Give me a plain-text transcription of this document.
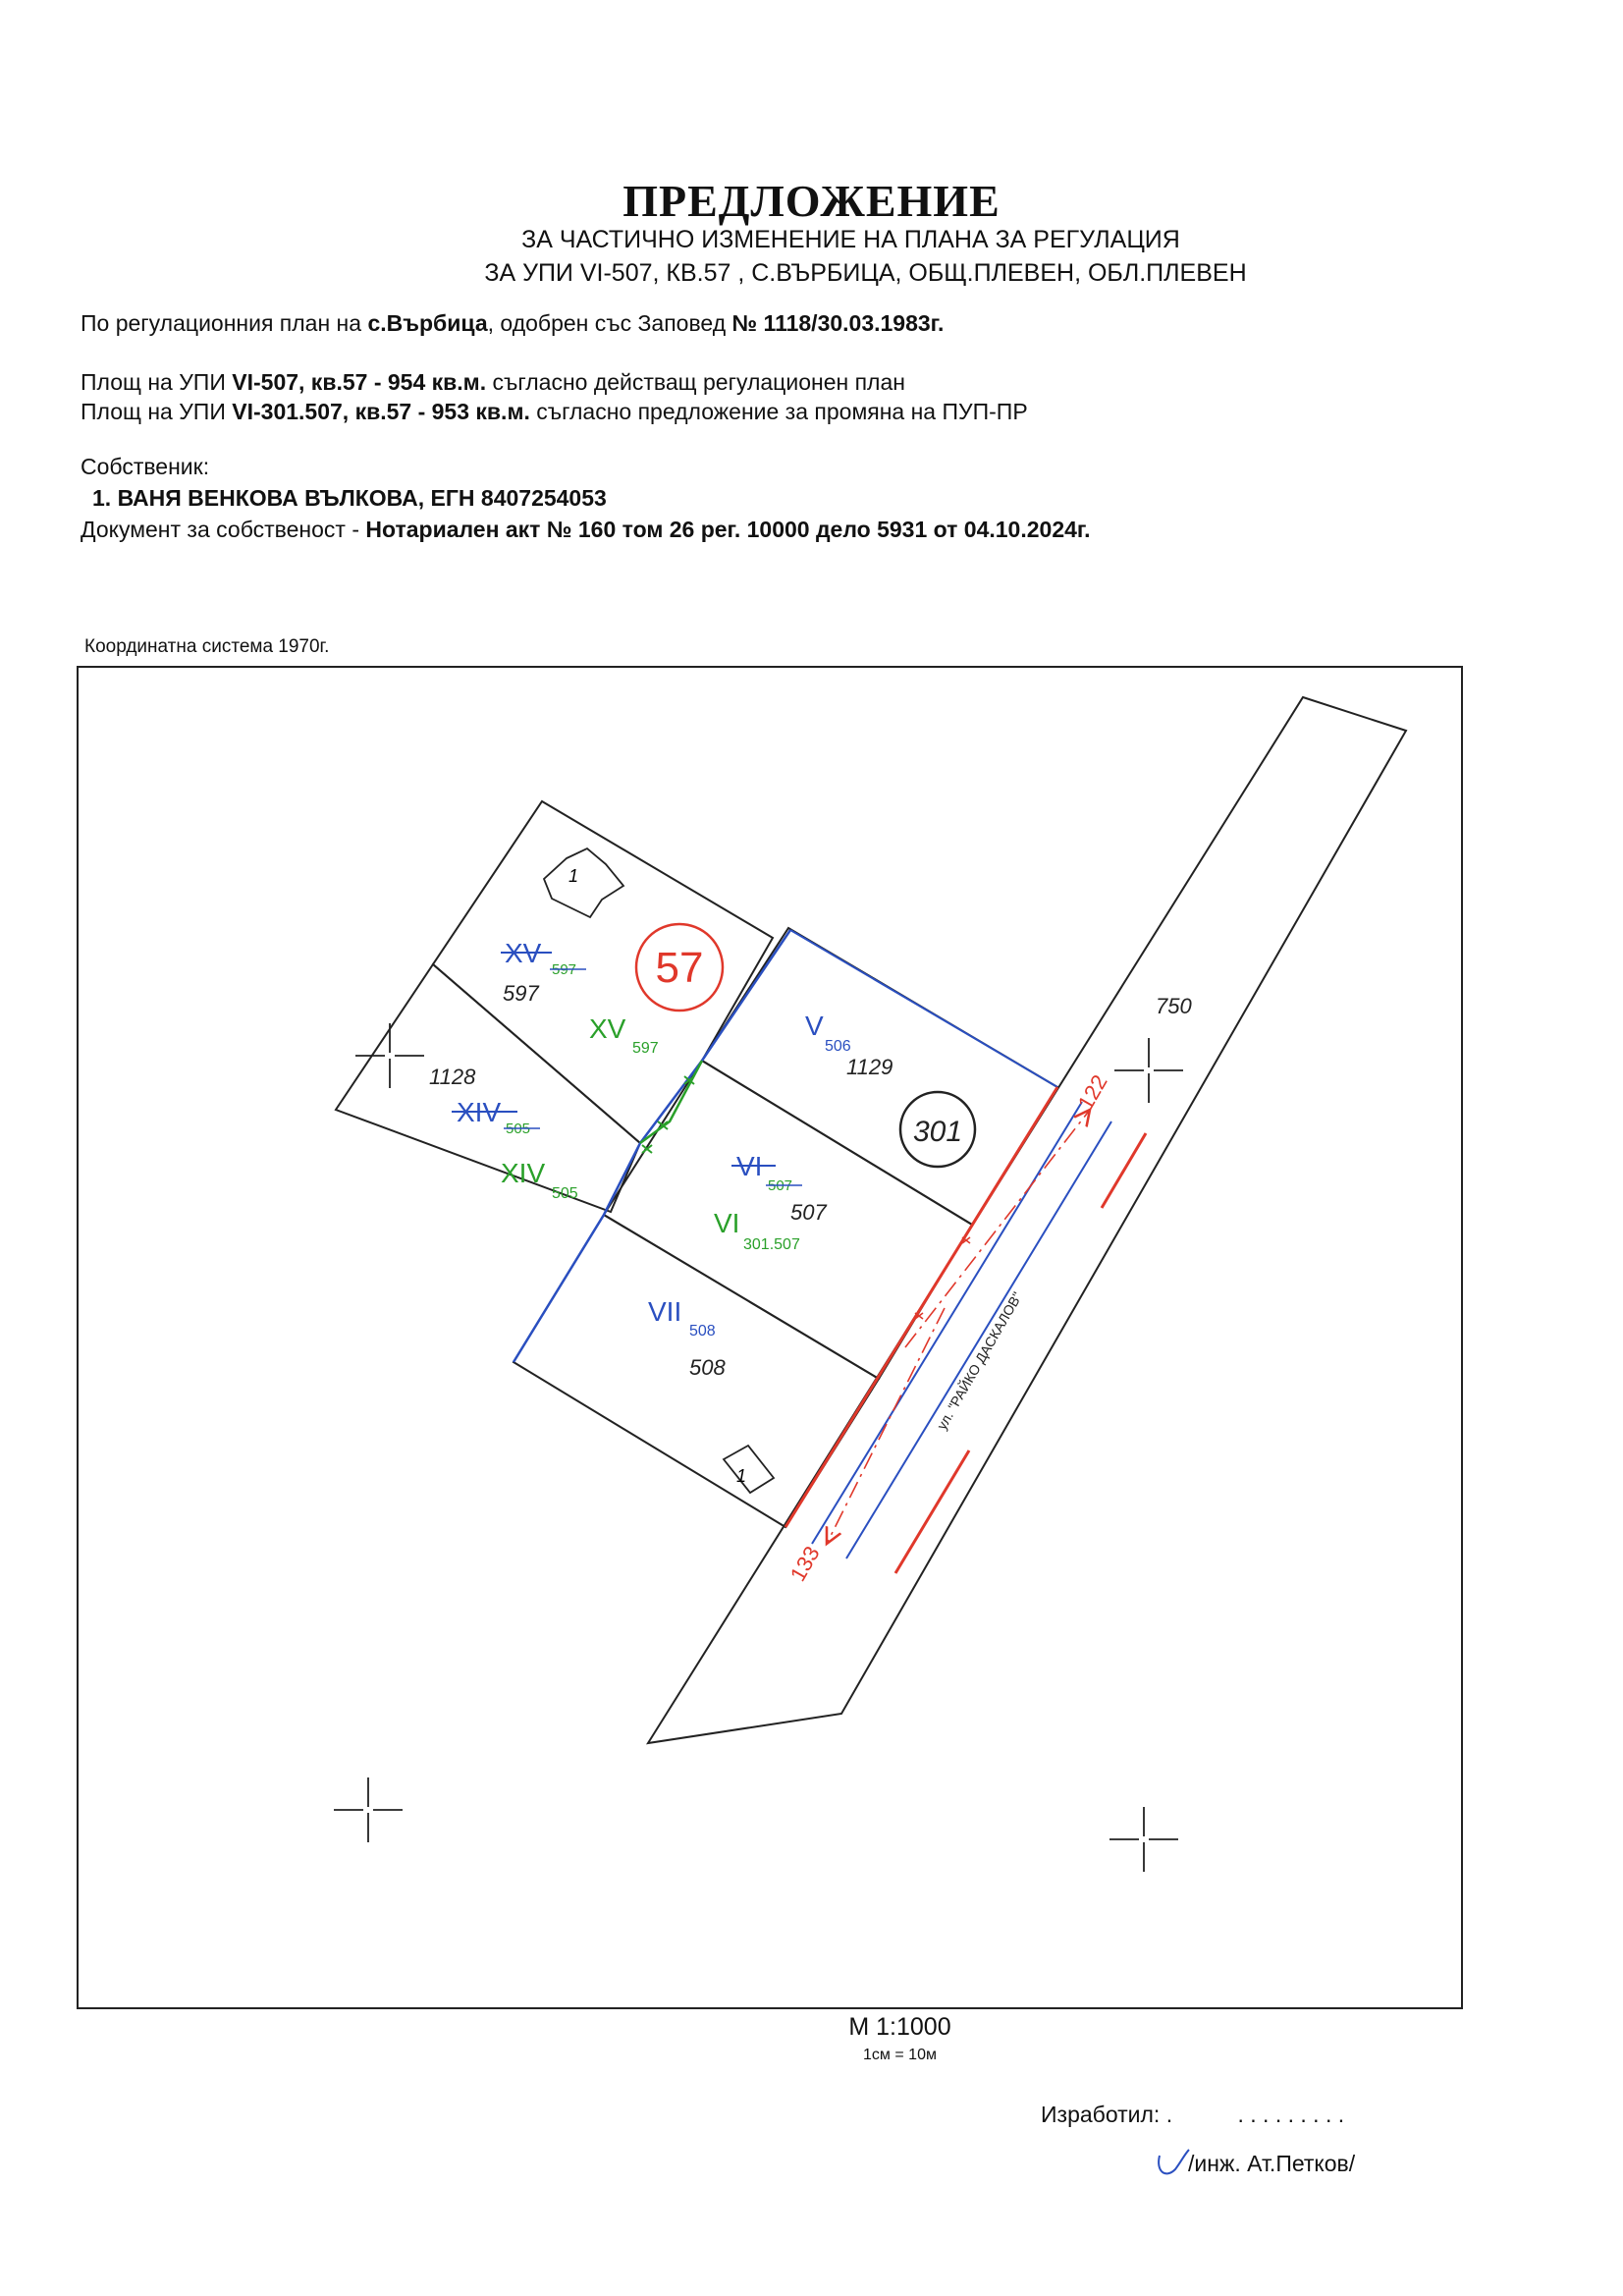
ПРЕДЛОЖЕНИЕ
ЗА ЧАСТИЧНО ИЗМЕНЕНИЕ НА ПЛАНА ЗА РЕГУЛАЦИЯ
ЗА УПИ VI-507, КВ.57 , С.ВЪРБИЦА, ОБЩ.ПЛЕВЕН, ОБЛ.ПЛЕВЕН
По регулационния план на с.Върбица, одобрен със Заповед № 1118/30.03.1983г.
Площ на УПИ VI-507, кв.57 - 954 кв.м. съгласно действащ регулационен план
Площ на УПИ VI-301.507, кв.57 - 953 кв.м. съгласно предложение за промяна на ПУП-ПР
Собственик:
1. ВАНЯ ВЕНКОВА ВЪЛКОВА, ЕГН 8407254053
Документ за собственост - Нотариален акт № 160 том 26 рег. 10000 дело 5931 от 04.10.2024г.
Координатна система 1970г.
1
1
122
133
ул. "РАЙКО ДАСКАЛОВ"
750
57
301
XV
597
597
XV
597
1128
XIV
505
XIV
505
V
506
1129
VI
507
507
VI
301.507
VII
508
508
М 1:1000
1см = 10м
Изработил: .	. . . . . . . . .
/инж. Ат.Петков/
